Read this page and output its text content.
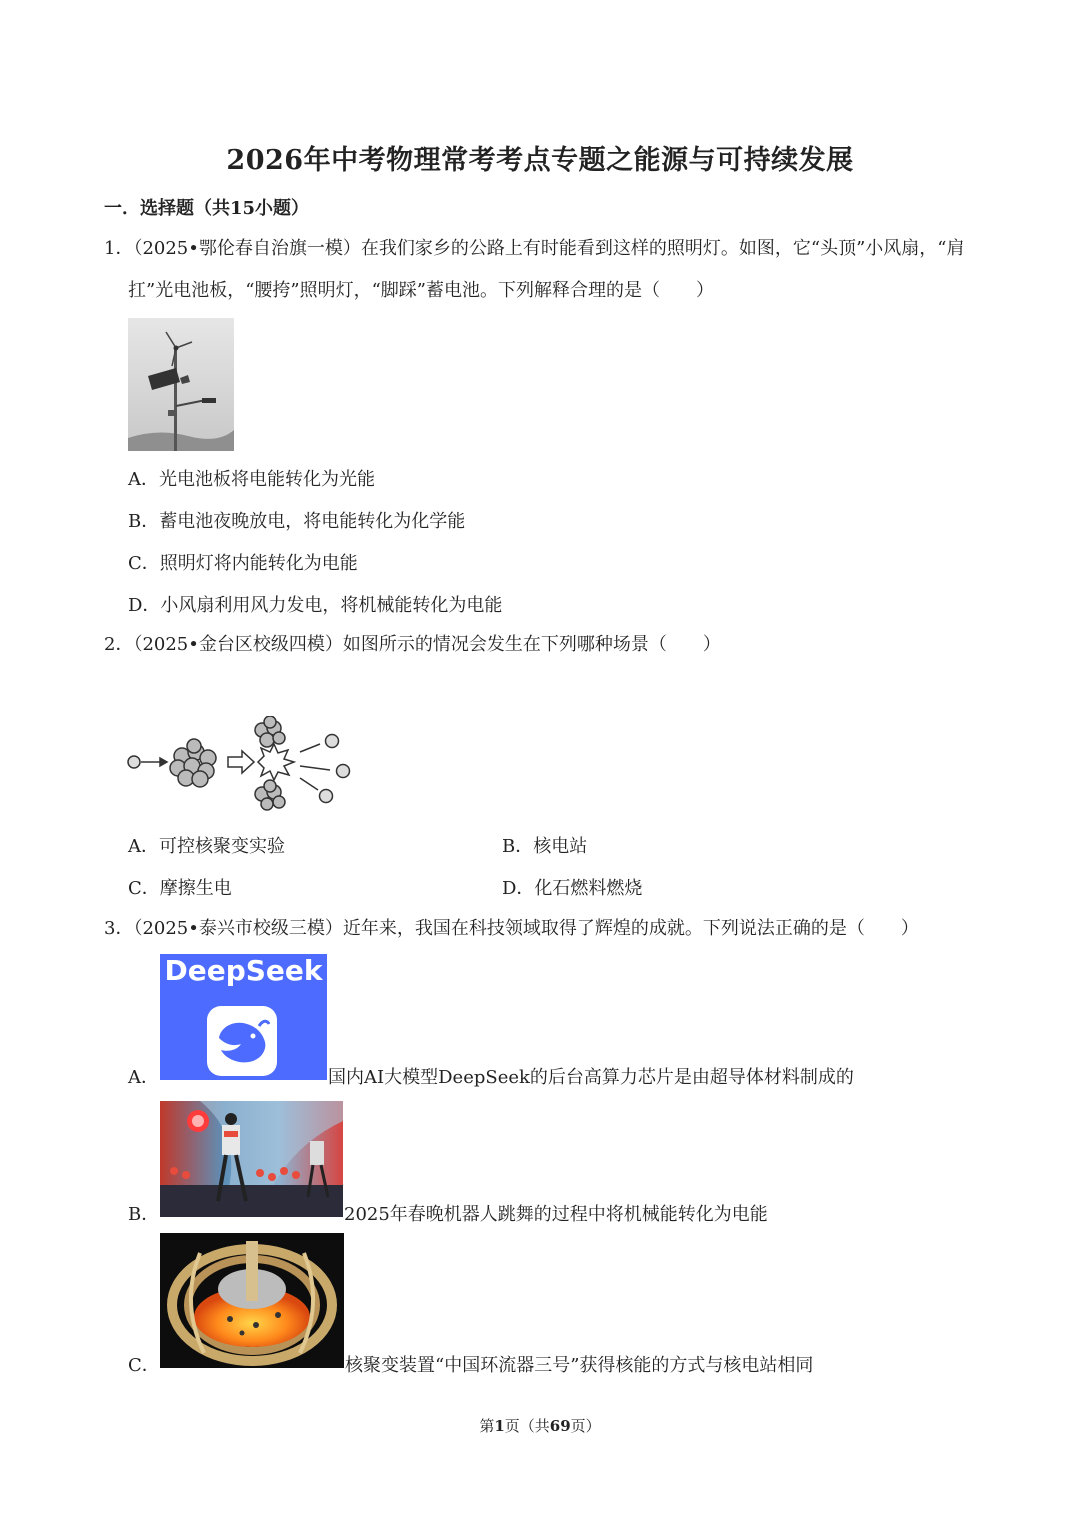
2026年中考物理常考考点专题之能源与可持续发展
一．选择题（共15小题）
1．（2025•鄂伦春自治旗一模）在我们家乡的公路上有时能看到这样的照明灯。如图，它“头顶”小风扇，“肩
扛”光电池板，“腰挎”照明灯，“脚踩”蓄电池。下列解释合理的是（　　）
A．光电池板将电能转化为光能
B．蓄电池夜晚放电，将电能转化为化学能
C．照明灯将内能转化为电能
D．小风扇利用风力发电，将机械能转化为电能
2．（2025•金台区校级四模）如图所示的情况会发生在下列哪种场景（　　）
A．可控核聚变实验	B．核电站
C．摩擦生电	D．化石燃料燃烧
3．（2025•泰兴市校级三模）近年来，我国在科技领域取得了辉煌的成就。下列说法正确的是（　　）
A．
DeepSeek
国内AI大模型DeepSeek的后台高算力芯片是由超导体材料制成的
B．	2025年春晚机器人跳舞的过程中将机械能转化为电能
C．	核聚变装置“中国环流器三号”获得核能的方式与核电站相同
第1页（共69页）
